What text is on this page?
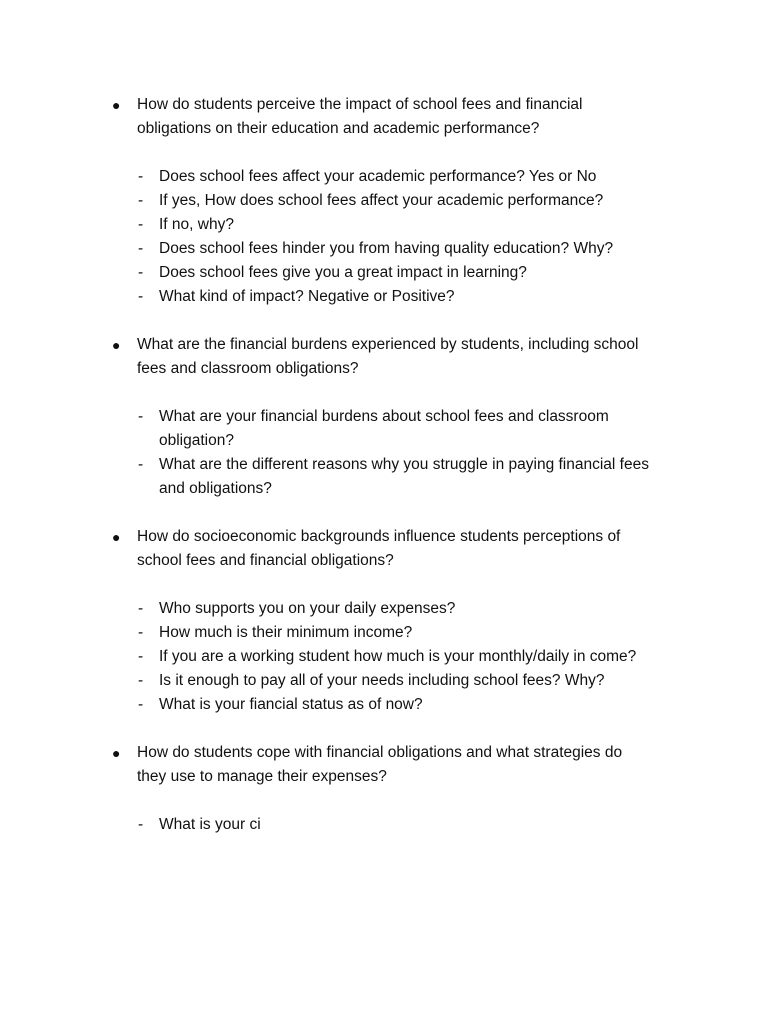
●	How do students perceive the impact of school fees and financial
obligations on their education and academic performance?
- Does school fees affect your academic performance? Yes or No
- If yes, How does school fees affect your academic performance?
- If no, why?
- Does school fees hinder you from having quality education? Why?
- Does school fees give you a great impact in learning?
- What kind of impact? Negative or Positive?
●	What are the financial burdens experienced by students, including school
fees and classroom obligations?
- What are your financial burdens about school fees and classroom
obligation?
- What are the different reasons why you struggle in paying financial fees
and obligations?
●	How do socioeconomic backgrounds influence students perceptions of
school fees and financial obligations?
- Who supports you on your daily expenses?
- How much is their minimum income?
- If you are a working student how much is your monthly/daily in come?
- Is it enough to pay all of your needs including school fees? Why?
- What is your fiancial status as of now?
●	How do students cope with financial obligations and what strategies do
they use to manage their expenses?
- What is your ci
